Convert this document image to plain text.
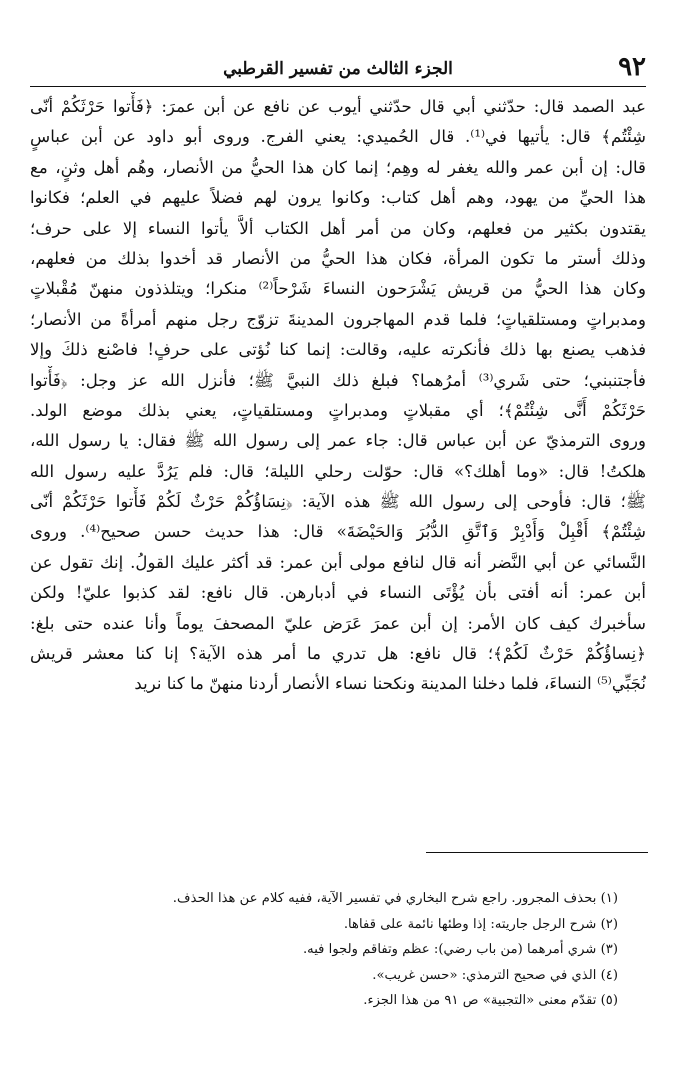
٩٢
الجزء الثالث من تفسير القرطبي
عبد الصمد قال: حدّثني أبي قال حدّثني أيوب عن نافع عن أبن عمرَ: ﴿فَأْتوا حَرْثَكُمْ أنّى
شِئْتُم﴾ قال: يأتيها في⁽¹⁾. قال الحُميدي: يعني الفرج. وروى أبو داود عن أبن عباسٍ
قال: إن أبن عمر والله يغفر له وهِم؛ إنما كان هذا الحيُّ من الأنصار، وهُم أهل وثنٍ، مع
هذا الحيِّ من يهود، وهم أهل كتاب: وكانوا يرون لهم فضلاً عليهم في العلم؛ فكانوا
يقتدون بكثير من فعلهم، وكان من أمر أهل الكتاب ألاَّ يأتوا النساء إلا على حرف؛
وذلك أستر ما تكون المرأة، فكان هذا الحيُّ من الأنصار قد أخدوا بذلك من فعلهم،
وكان هذا الحيُّ من قريش يَشْرَحون النساءَ شَرْحاً⁽²⁾ منكرا؛ ويتلذذون منهنّ مُقْبلاتٍ
ومدبراتٍ ومستلقياتٍ؛ فلما قدم المهاجرون المدينةَ تزوّج رجل منهم أمرأةً من الأنصار؛
فذهب يصنع بها ذلك فأنكرته عليه، وقالت: إنما كنا نُؤتى على حرفٍ! فاصْنع ذلكَ وإلا
فأجتنبني؛ حتى شَري⁽³⁾ أمرُهما؟ فبلغ ذلك النبيَّ ﷺ؛ فأنزل الله عز وجل: ﴿فَأْتوا
حَرْثَكُمْ أَنَّى شِئْتُمْ﴾؛ أي مقبلاتٍ ومدبراتٍ ومستلقياتٍ، يعني بذلك موضع الولد.
وروى الترمذيّ عن أبن عباس قال: جاء عمر إلى رسول الله ﷺ فقال: يا رسول الله،
هلكتُ! قال: «وما أهلك؟» قال: حوّلت رحلي الليلة؛ قال: فلم يَرُدَّ عليه رسول الله
ﷺ؛ قال: فأوحى إلى رسول الله ﷺ هذه الآية: ﴿نِسَاؤُكُمْ حَرْثٌ لَكُمْ فَأْتوا حَرْثَكُمْ أنّى
شِئْتُمْ﴾ أَقْبِلْ وَأَدْبِرْ وَٱتَّقِ الدُّبُرَ وَالحَيْضَةَ» قال: هذا حديث حسن صحيح⁽⁴⁾. وروى
النَّسائي عن أبي النَّضر أنه قال لنافع مولى أبن عمر: قد أكثر عليك القولُ. إنك تقول عن
أبن عمر: أنه أفتى بأن يُؤْتَى النساء في أدبارهن. قال نافع: لقد كذبوا عليّ! ولكن
سأخبرك كيف كان الأمر: إن أبن عمرَ عَرَض عليّ المصحفَ يوماً وأنا عنده حتى بلغ:
﴿نِساؤُكُمْ حَرْثٌ لَكُمْ﴾؛ قال نافع: هل تدري ما أمر هذه الآية؟ إنا كنا معشر قريش
نُجَبِّي⁽⁵⁾ النساءَ، فلما دخلنا المدينة ونكحنا نساء الأنصار أردنا منهنّ ما كنا نريد
(١) بحذف المجرور. راجع شرح البخاري في تفسير الآية، ففيه كلام عن هذا الحذف.
(٢) شرح الرجل جاريته: إذا وطئها نائمة على قفاها.
(٣) شري أمرهما (من باب رضي): عظم وتفاقم ولجوا فيه.
(٤) الذي في صحيح الترمذي: «حسن غريب».
(٥) تقدّم معنى «التجبية» ص ٩١ من هذا الجزء.
